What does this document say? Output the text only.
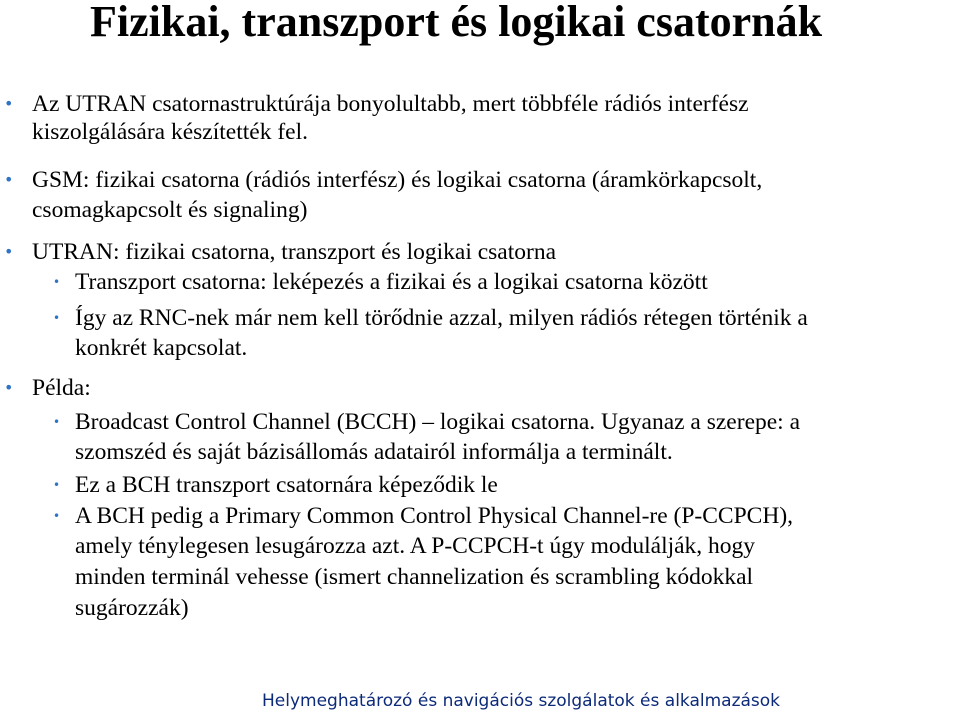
Fizikai, transzport és logikai csatornák
• Az UTRAN csatornastruktúrája bonyolultabb, mert többféle rádiós interfész
kiszolgálására készítették fel.
• GSM: fizikai csatorna (rádiós interfész) és logikai csatorna (áramkörkapcsolt,
csomagkapcsolt és signaling)
• UTRAN: fizikai csatorna, transzport és logikai csatorna
• Transzport csatorna: leképezés a fizikai és a logikai csatorna között
• Így az RNC-nek már nem kell törődnie azzal, milyen rádiós rétegen történik a
konkrét kapcsolat.
• Példa:
• Broadcast Control Channel (BCCH) – logikai csatorna. Ugyanaz a szerepe: a
szomszéd és saját bázisállomás adatairól informálja a terminált.
• Ez a BCH transzport csatornára képeződik le
• A BCH pedig a Primary Common Control Physical Channel-re (P-CCPCH),
amely ténylegesen lesugározza azt. A P-CCPCH-t úgy modulálják, hogy
minden terminál vehesse (ismert channelization és scrambling kódokkal
sugározzák)
Helymeghatározó és navigációs szolgálatok és alkalmazások
